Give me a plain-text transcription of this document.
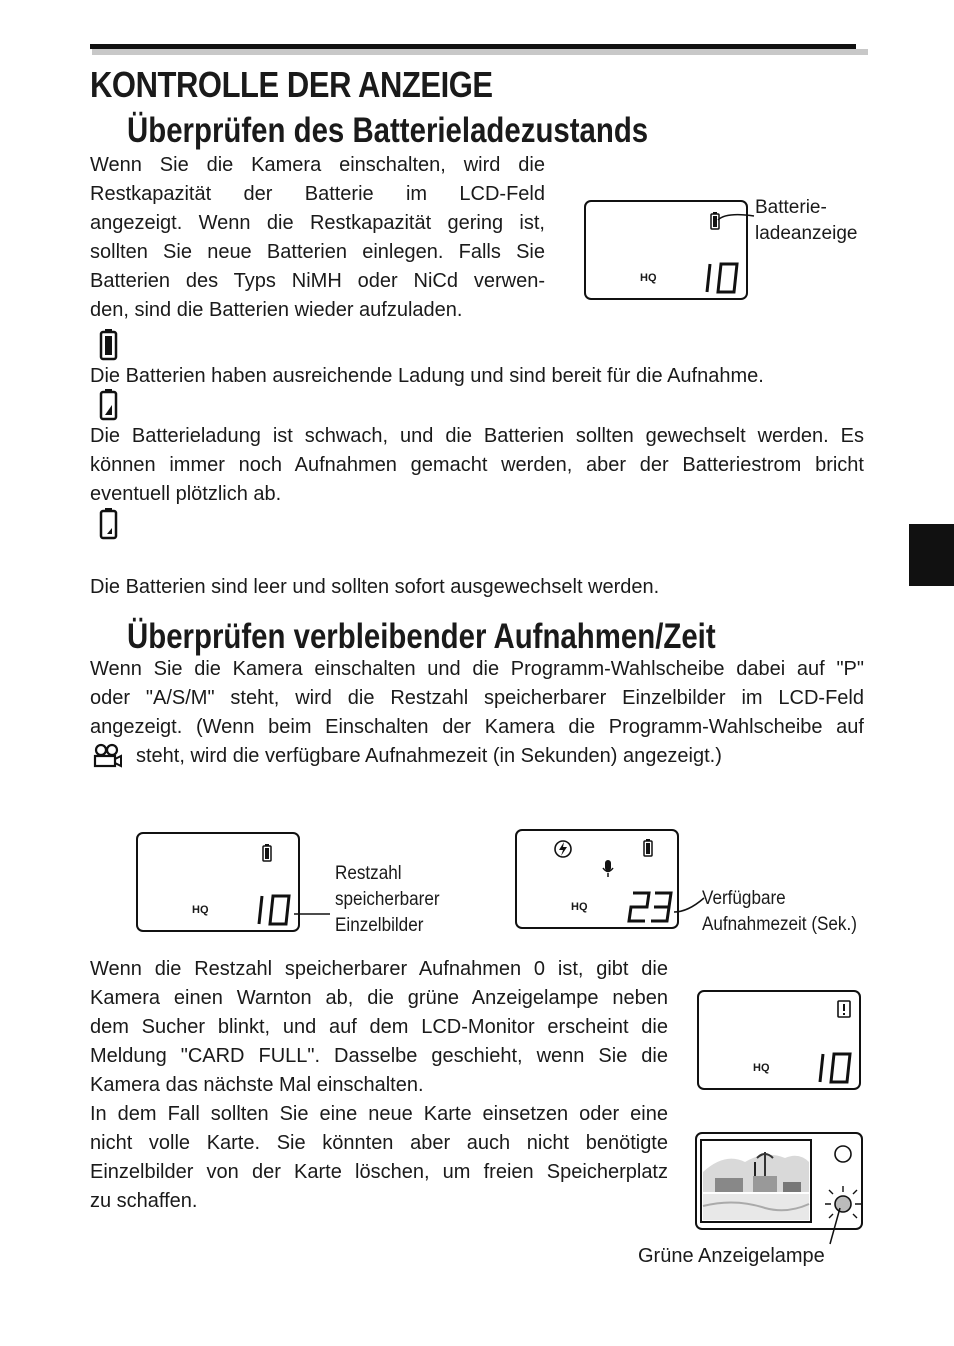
KONTROLLE DER ANZEIGE
Überprüfen des Batterieladezustands
Wenn Sie die Kamera einschalten, wird die
Restkapazität der Batterie im LCD-Feld
angezeigt. Wenn die Restkapazität gering ist,
sollten Sie neue Batterien einlegen. Falls Sie
Batterien des Typs NiMH oder NiCd verwen-
den, sind die Batterien wieder aufzuladen.
HQ
Batterie-
ladeanzeige
Die Batterien haben ausreichende Ladung und sind bereit für die Aufnahme.
Die Batterieladung ist schwach, und die Batterien sollten gewechselt werden. Es
können immer noch Aufnahmen gemacht werden, aber der Batteriestrom bricht
eventuell plötzlich ab.
Die Batterien sind leer und sollten sofort ausgewechselt werden.
Überprüfen verbleibender Aufnahmen/Zeit
Wenn Sie die Kamera einschalten und die Programm-Wahlscheibe dabei auf "P"
oder "A/S/M" steht, wird die Restzahl speicherbarer Einzelbilder im LCD-Feld
angezeigt. (Wenn beim Einschalten der Kamera die Programm-Wahlscheibe auf
steht, wird die verfügbare Aufnahmezeit (in Sekunden) angezeigt.)
HQ
Restzahl
speicherbarer
Einzelbilder
HQ	Verfügbare
Aufnahmezeit (Sek.)
Wenn die Restzahl speicherbarer Aufnahmen 0 ist, gibt die
Kamera einen Warnton ab, die grüne Anzeigelampe neben
dem Sucher blinkt, und auf dem LCD-Monitor erscheint die
Meldung "CARD FULL". Dasselbe geschieht, wenn Sie die
Kamera das nächste Mal einschalten.
In dem Fall sollten Sie eine neue Karte einsetzen oder eine
nicht volle Karte. Sie könnten aber auch nicht benötigte
Einzelbilder von der Karte löschen, um freien Speicherplatz
zu schaffen.
HQ
Grüne Anzeigelampe
